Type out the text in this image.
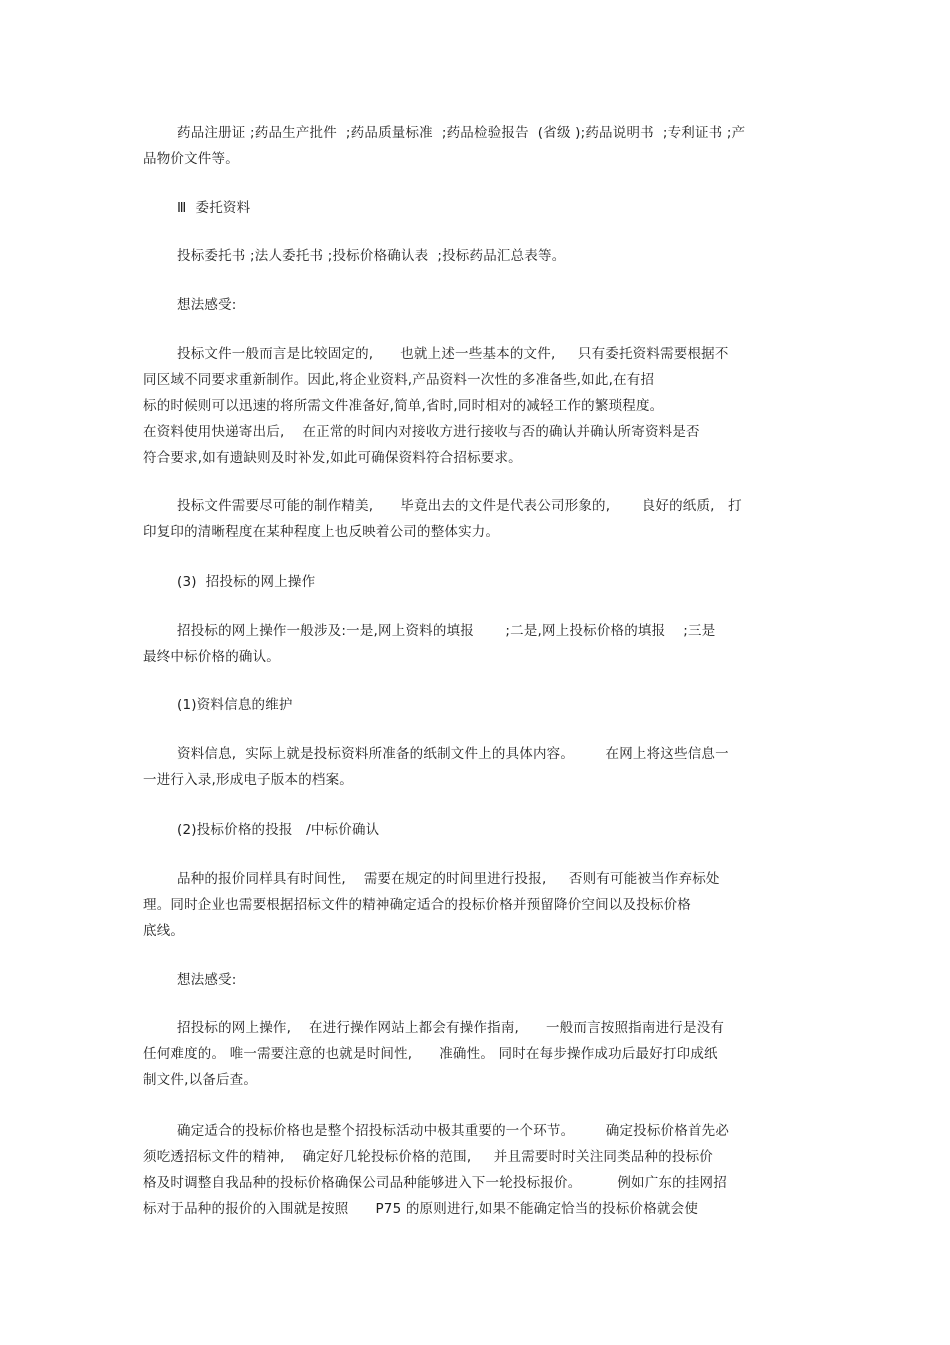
药品注册证 ;药品生产批件  ;药品质量标准  ;药品检验报告  (省级 );药品说明书  ;专利证书 ;产
品物价文件等。
Ⅲ  委托资料
投标委托书 ;法人委托书 ;投标价格确认表  ;投标药品汇总表等。
想法感受:
投标文件一般而言是比较固定的,      也就上述一些基本的文件,     只有委托资料需要根据不
同区域不同要求重新制作。因此,将企业资料,产品资料一次性的多准备些,如此,在有招
标的时候则可以迅速的将所需文件准备好,简单,省时,同时相对的减轻工作的繁琐程度。
在资料使用快递寄出后,    在正常的时间内对接收方进行接收与否的确认并确认所寄资料是否
符合要求,如有遗缺则及时补发,如此可确保资料符合招标要求。
投标文件需要尽可能的制作精美,      毕竟出去的文件是代表公司形象的,       良好的纸质,   打
印复印的清晰程度在某种程度上也反映着公司的整体实力。
(3)  招投标的网上操作
招投标的网上操作一般涉及:一是,网上资料的填报       ;二是,网上投标价格的填报    ;三是
最终中标价格的确认。
(1)资料信息的维护
资料信息,  实际上就是投标资料所准备的纸制文件上的具体内容。       在网上将这些信息一
一进行入录,形成电子版本的档案。
(2)投标价格的投报   /中标价确认
品种的报价同样具有时间性,    需要在规定的时间里进行投报,     否则有可能被当作弃标处
理。同时企业也需要根据招标文件的精神确定适合的投标价格并预留降价空间以及投标价格
底线。
想法感受:
招投标的网上操作,    在进行操作网站上都会有操作指南,      一般而言按照指南进行是没有
任何难度的。 唯一需要注意的也就是时间性,      准确性。 同时在每步操作成功后最好打印成纸
制文件,以备后查。
确定适合的投标价格也是整个招投标活动中极其重要的一个环节。       确定投标价格首先必
须吃透招标文件的精神,    确定好几轮投标价格的范围,     并且需要时时关注同类品种的投标价
格及时调整自我品种的投标价格确保公司品种能够进入下一轮投标报价。        例如广东的挂网招
标对于品种的报价的入围就是按照      P75 的原则进行,如果不能确定恰当的投标价格就会使
